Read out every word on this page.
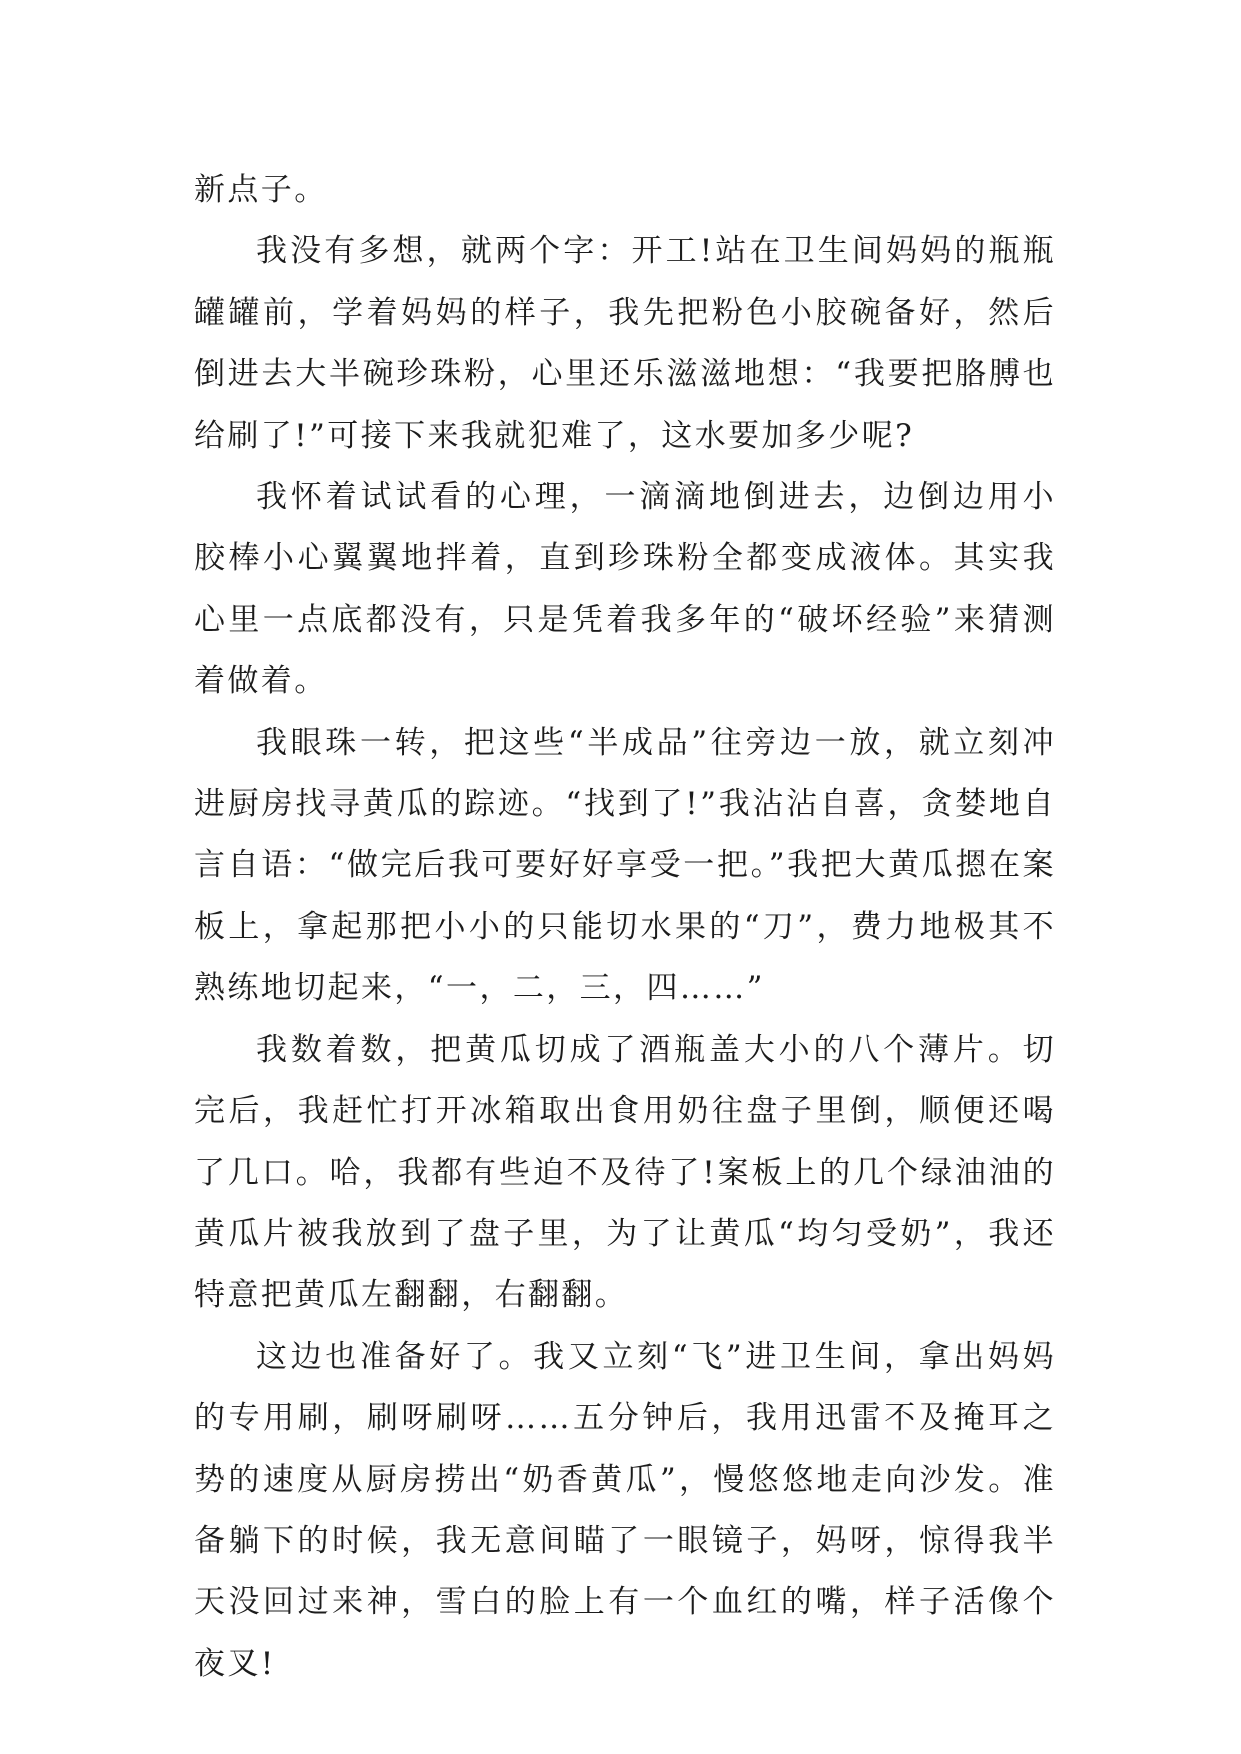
新点子。

我没有多想，就两个字：开工!站在卫生间妈妈的瓶瓶罐罐前，学着妈妈的样子，我先把粉色小胶碗备好，然后倒进去大半碗珍珠粉，心里还乐滋滋地想：“我要把胳膊也给刷了!”可接下来我就犯难了，这水要加多少呢?

我怀着试试看的心理，一滴滴地倒进去，边倒边用小胶棒小心翼翼地拌着，直到珍珠粉全都变成液体。其实我心里一点底都没有，只是凭着我多年的“破坏经验”来猜测着做着。

我眼珠一转，把这些“半成品”往旁边一放，就立刻冲进厨房找寻黄瓜的踪迹。“找到了!”我沾沾自喜，贪婪地自言自语：“做完后我可要好好享受一把。”我把大黄瓜摁在案板上，拿起那把小小的只能切水果的“刀”，费力地极其不熟练地切起来，“一，二，三，四……”

我数着数，把黄瓜切成了酒瓶盖大小的八个薄片。切完后，我赶忙打开冰箱取出食用奶往盘子里倒，顺便还喝了几口。哈，我都有些迫不及待了!案板上的几个绿油油的黄瓜片被我放到了盘子里，为了让黄瓜“均匀受奶”，我还特意把黄瓜左翻翻，右翻翻。

这边也准备好了。我又立刻“飞”进卫生间，拿出妈妈的专用刷，刷呀刷呀……五分钟后，我用迅雷不及掩耳之势的速度从厨房捞出“奶香黄瓜”，慢悠悠地走向沙发。准备躺下的时候，我无意间瞄了一眼镜子，妈呀，惊得我半天没回过来神，雪白的脸上有一个血红的嘴，样子活像个夜叉!
